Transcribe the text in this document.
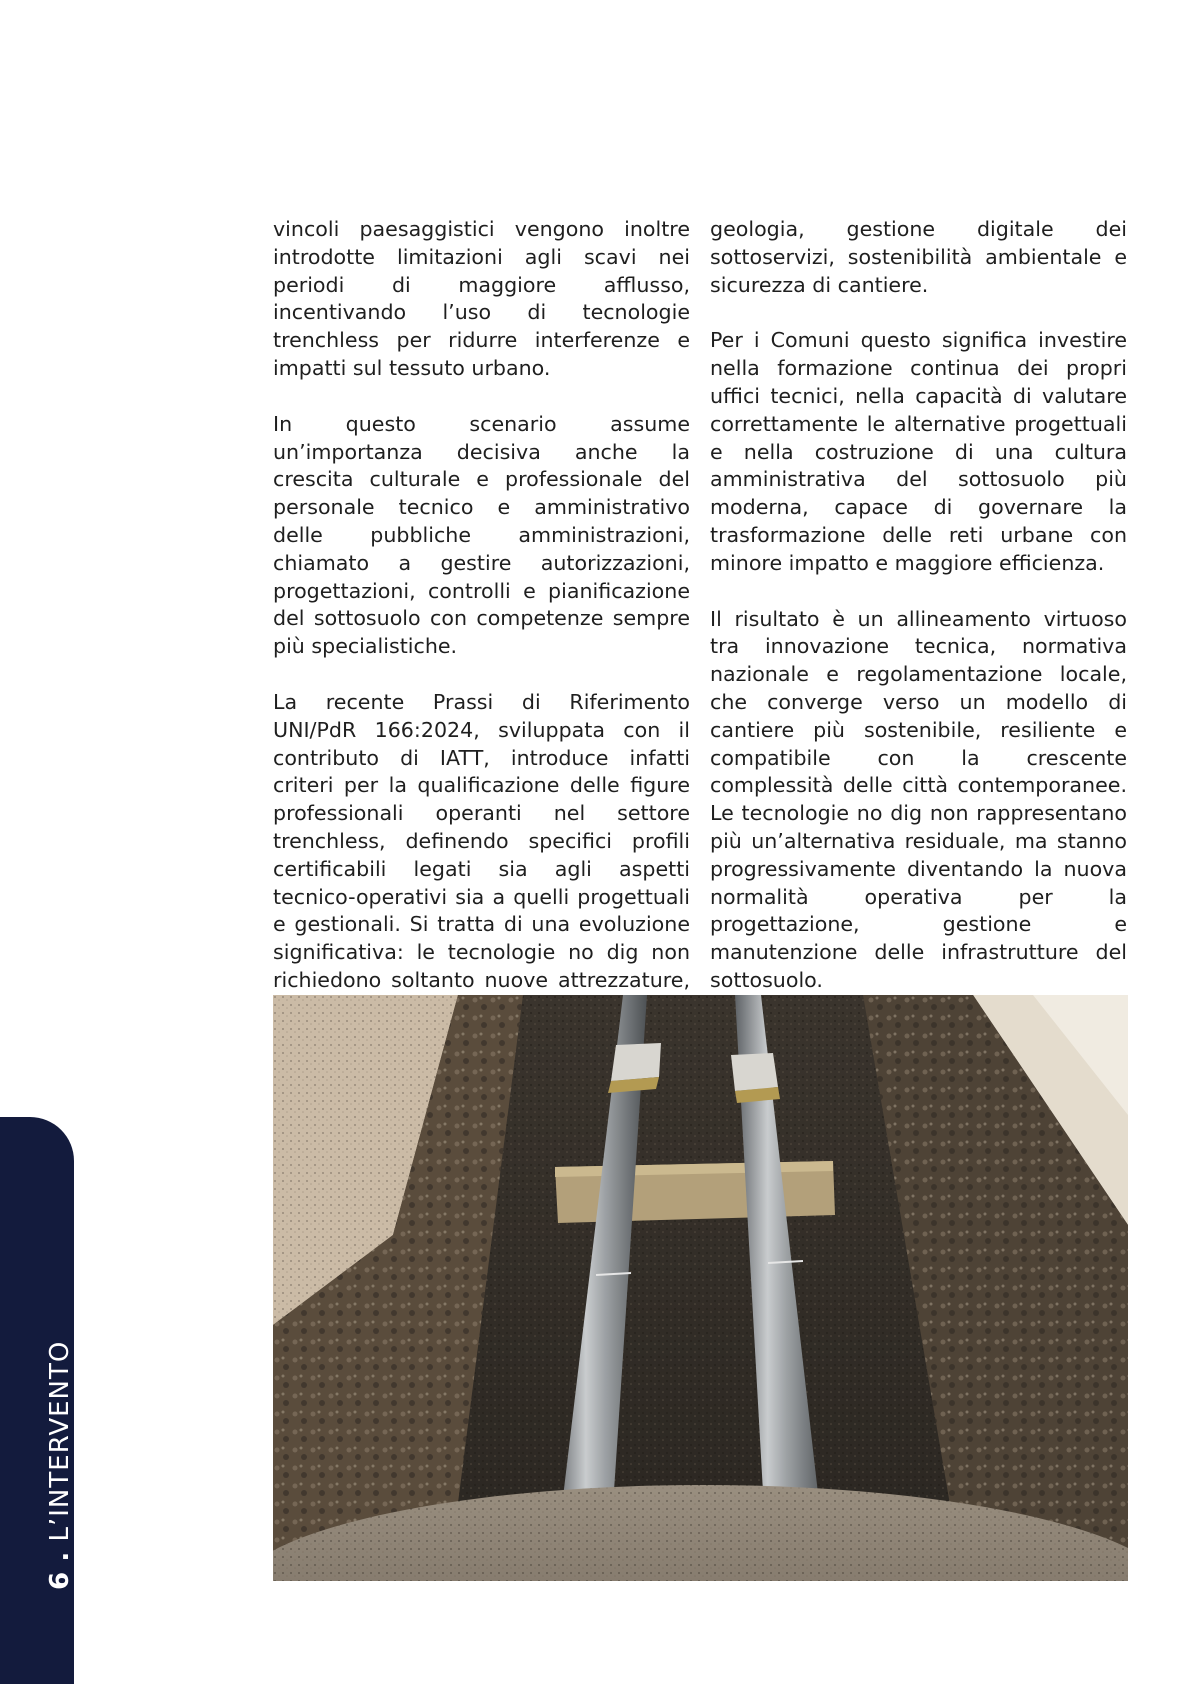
6 . L’INTERVENTO

vincoli paesaggistici vengono inoltre introdotte limitazioni agli scavi nei periodi di maggiore afflusso, incentivando l’uso di tecnologie trenchless per ridurre interferenze e impatti sul tessuto urbano.

In questo scenario assume un’importanza decisiva anche la crescita culturale e professionale del personale tecnico e amministrativo delle pubbliche amministrazioni, chiamato a gestire autorizzazioni, progettazioni, controlli e pianificazione del sottosuolo con competenze sempre più specialistiche.

La recente Prassi di Riferimento UNI/PdR 166:2024, sviluppata con il contributo di IATT, introduce infatti criteri per la qualificazione delle figure professionali operanti nel settore trenchless, definendo specifici profili certificabili legati sia agli aspetti tecnico-operativi sia a quelli progettuali e gestionali. Si tratta di una evoluzione significativa: le tecnologie no dig non richiedono soltanto nuove attrezzature,

geologia, gestione digitale dei sottoservizi, sostenibilità ambientale e sicurezza di cantiere.

Per i Comuni questo significa investire nella formazione continua dei propri uffici tecnici, nella capacità di valutare correttamente le alternative progettuali e nella costruzione di una cultura amministrativa del sottosuolo più moderna, capace di governare la trasformazione delle reti urbane con minore impatto e maggiore efficienza.

Il risultato è un allineamento virtuoso tra innovazione tecnica, normativa nazionale e regolamentazione locale, che converge verso un modello di cantiere più sostenibile, resiliente e compatibile con la crescente complessità delle città contemporanee. Le tecnologie no dig non rappresentano più un’alternativa residuale, ma stanno progressivamente diventando la nuova normalità operativa per la progettazione, gestione e manutenzione delle infrastrutture del sottosuolo.
